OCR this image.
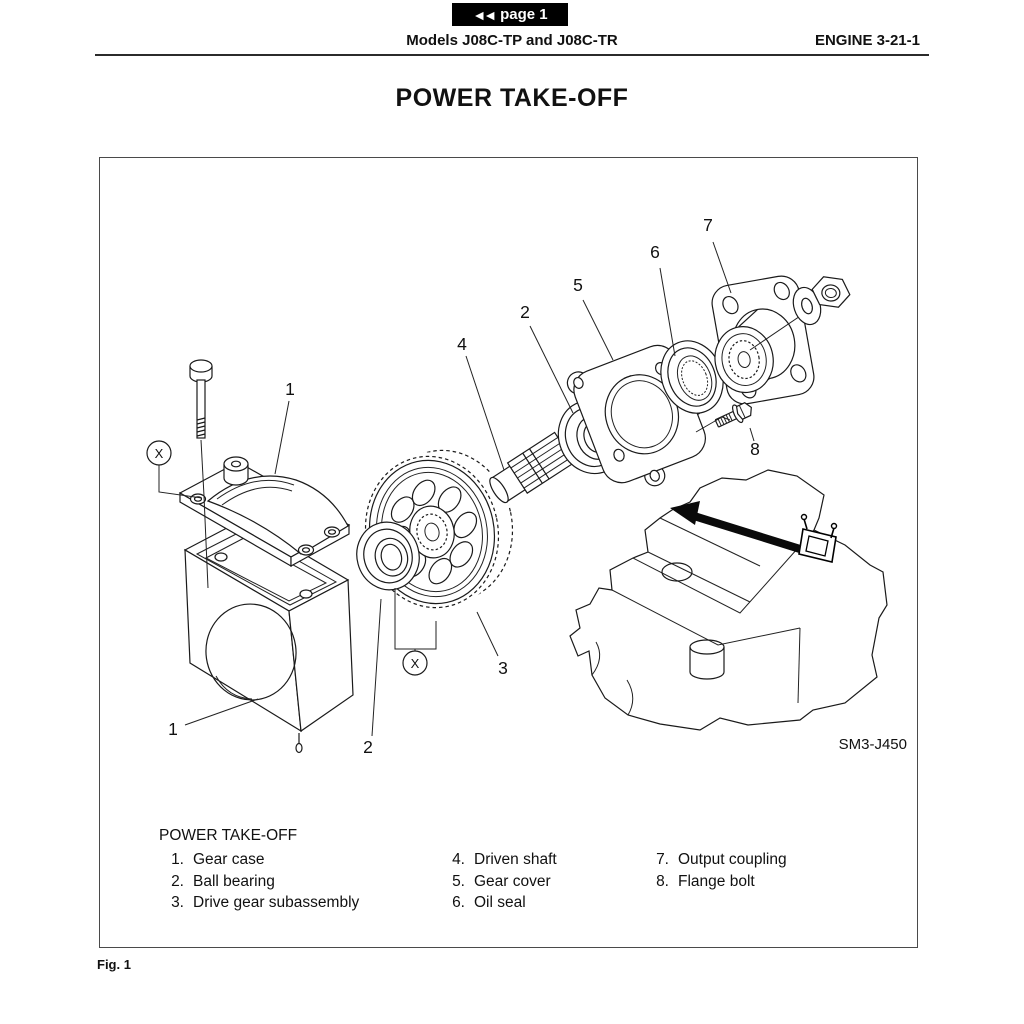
◄◄ page 1
Models J08C-TP and J08C-TR	ENGINE 3-21-1
POWER TAKE-OFF
X
X
1
1
2
3
4
2
5
6
7
8
SM3-J450
POWER TAKE-OFF
1. Gear case
2. Ball bearing
3. Drive gear subassembly
4. Driven shaft
5. Gear cover
6. Oil seal
7. Output coupling
8. Flange bolt
Fig. 1
